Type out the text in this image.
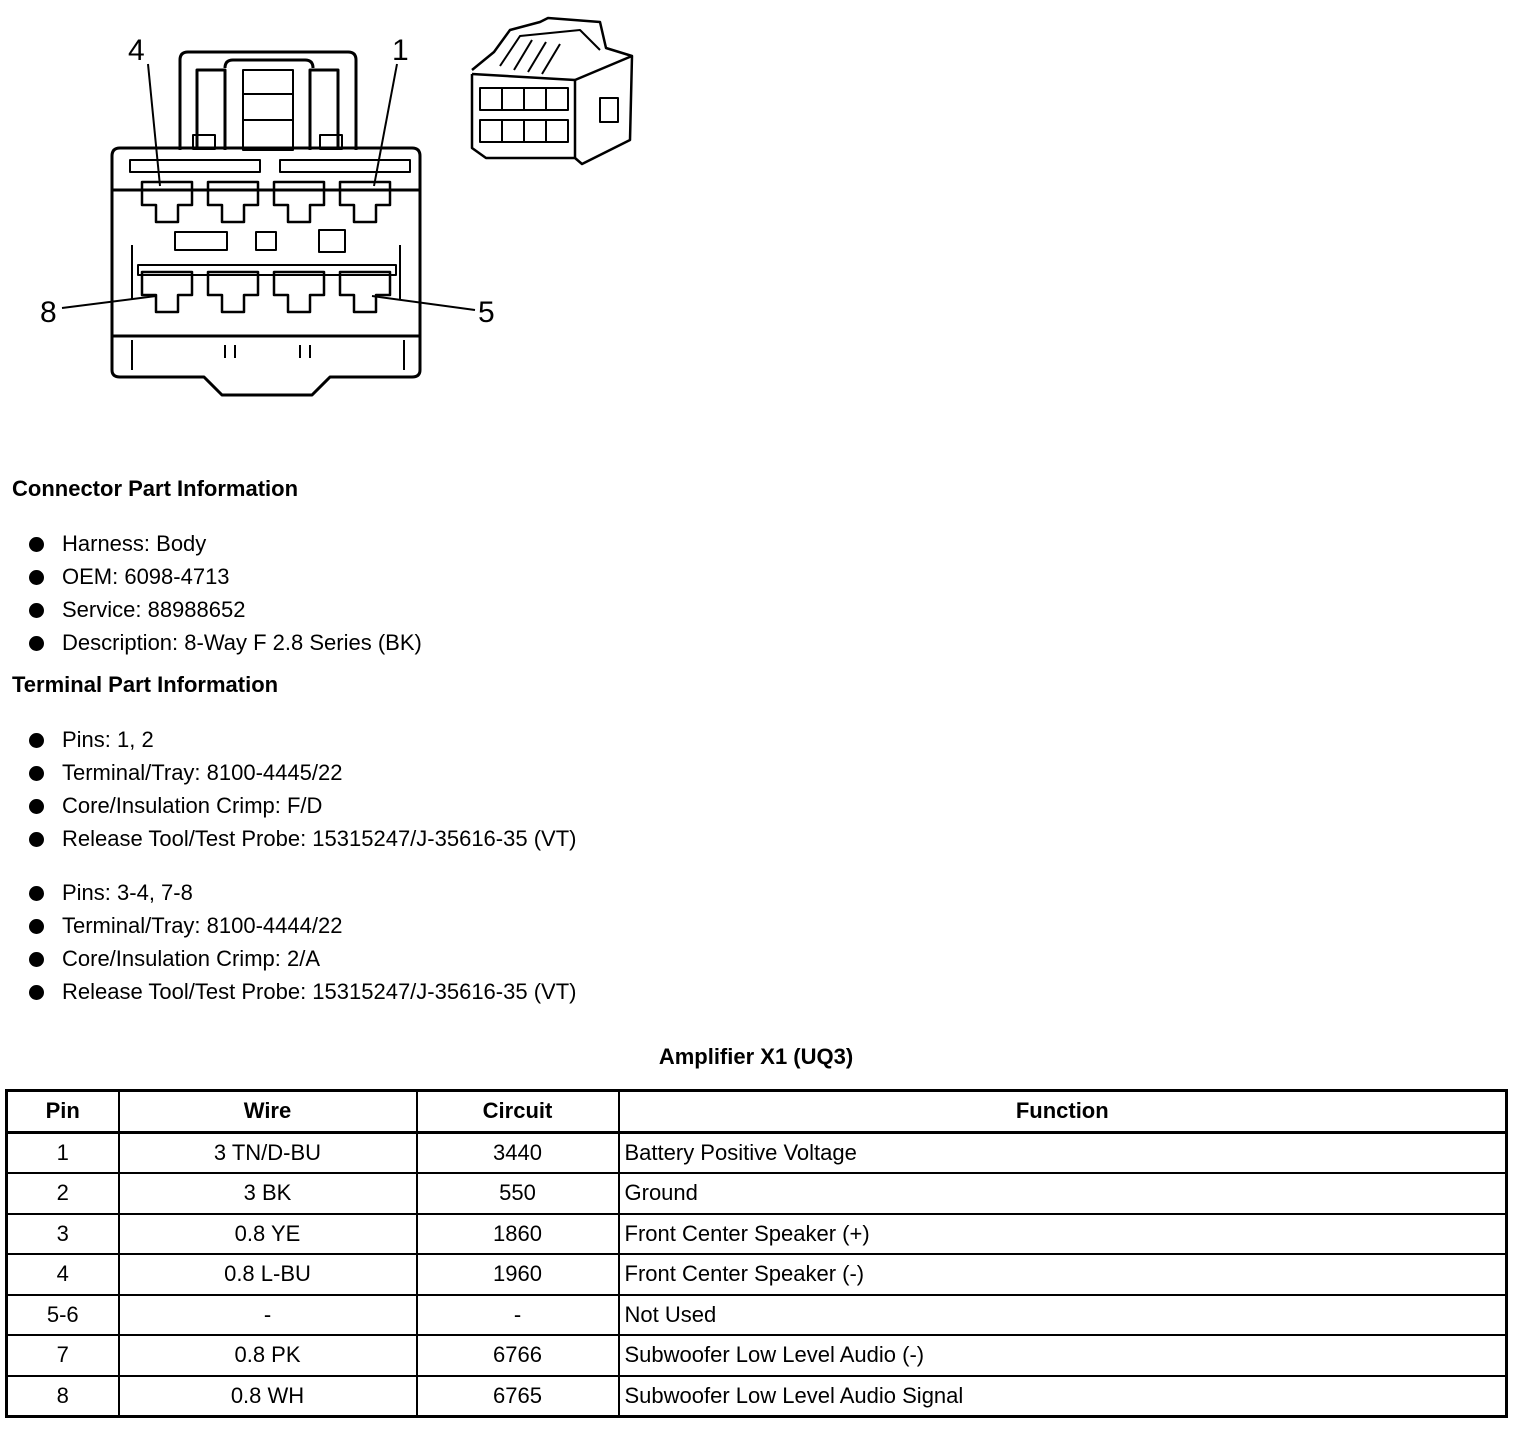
4	1
8	5
Connector Part Information
Harness: Body
OEM: 6098-4713
Service: 88988652
Description: 8-Way F 2.8 Series (BK)
Terminal Part Information
Pins: 1, 2
Terminal/Tray: 8100-4445/22
Core/Insulation Crimp: F/D
Release Tool/Test Probe: 15315247/J-35616-35 (VT)
Pins: 3-4, 7-8
Terminal/Tray: 8100-4444/22
Core/Insulation Crimp: 2/A
Release Tool/Test Probe: 15315247/J-35616-35 (VT)
Amplifier X1 (UQ3)
Pin	Wire	Circuit	Function
1	3 TN/D-BU	3440	Battery Positive Voltage
2	3 BK	550	Ground
3	0.8 YE	1860	Front Center Speaker (+)
4	0.8 L-BU	1960	Front Center Speaker (-)
5-6	-	-	Not Used
7	0.8 PK	6766	Subwoofer Low Level Audio (-)
8	0.8 WH	6765	Subwoofer Low Level Audio Signal
